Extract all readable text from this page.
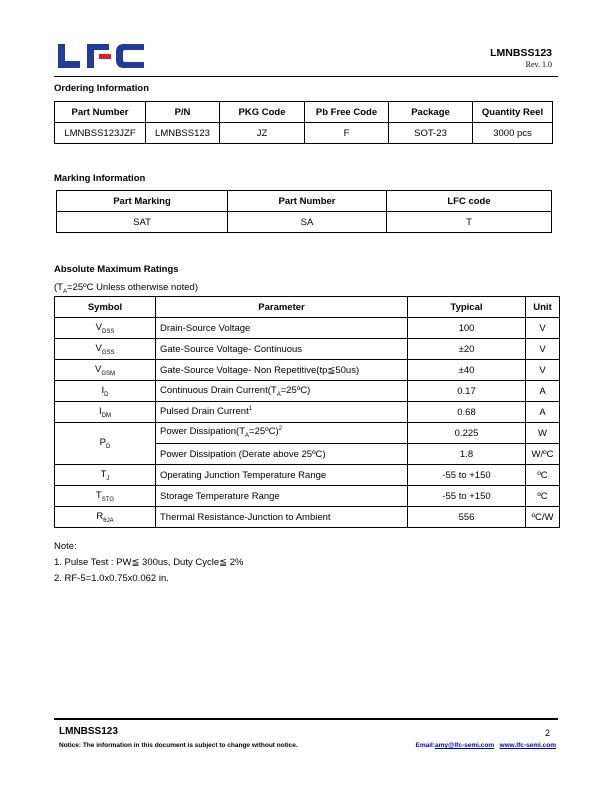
LMNBSS123
Rev. 1.0
Ordering Information
Part Number	P/N	PKG Code	Pb Free Code	Package	Quantity Reel
LMNBSS123JZF	LMNBSS123	JZ	F	SOT-23	3000 pcs
Marking Information
Part Marking	Part Number	LFC code
SAT	SA	T
Absolute Maximum Ratings
($T_A=25ºC$ Unless otherwise noted)
Symbol	Parameter	Typical	Unit
$V_{DSS}$	Drain-Source Voltage	100	V
$V_{GSS}$	Gate-Source Voltage- Continuous	±20	V
$V_{GSM}$	Gate-Source Voltage- Non Repetitive(tp≦50us)	±40	V
$I_D$	Continuous Drain $Current(T_A=25ºC)$	0.17	A
$I_{DM}$	Pulsed Drain Current$^1$	0.68	A
$P_D$	Power $Dissipation(T_A=25ºC)^2$	0.225	W
	Power Dissipation (Derate above 25ºC)	1.8	W/ºC
$T_J$	Operating Junction Temperature Range	-55 to +150	ºC
$T_{STG}$	Storage Temperature Range	-55 to +150	ºC
$R_{\theta JA}$	Thermal Resistance-Junction to Ambient	556	ºC/W
Note:
1. Pulse Test : PW≦ 300us, Duty Cycle≦ 2%
2. RF-5=1.0x0.75x0.062 in.
LMNBSS123	2
Notice: The information in this document is subject to change without notice.	Email:amy@lfc-semi.com www.lfc-semi.com
